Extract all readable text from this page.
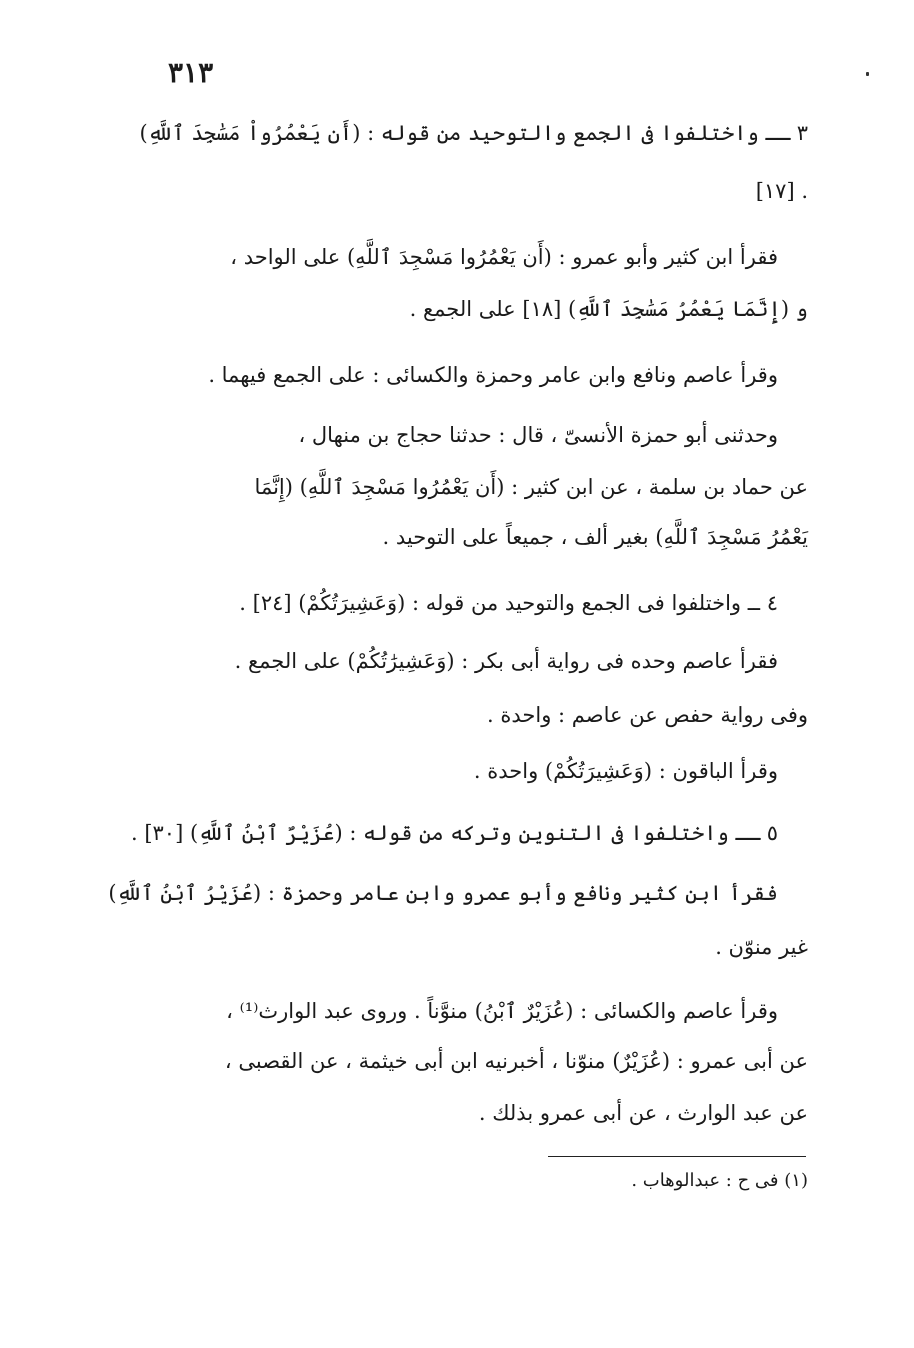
٣١٣
٣ ــ واختلفوا فى الجمع والتوحيد من قوله : (أَن يَعْمُرُواْ مَسَٰجِدَ ٱللَّهِ)
. [١٧]
فقرأ ابن كثير وأبو عمرو : (أَن يَعْمُرُوا مَسْجِدَ ٱللَّهِ) على الواحد ،
و (إِنَّمَا يَعْمُرُ مَسَٰجِدَ ٱللَّهِ) [١٨] على الجمع .
وقرأ عاصم ونافع وابن عامر وحمزة والكسائى : على الجمع فيهما .
وحدثنى أبو حمزة الأنسىّ ، قال : حدثنا حجاج بن منهال ،
عن حماد بن سلمة ، عن ابن كثير : (أَن يَعْمُرُوا مَسْجِدَ ٱللَّهِ) (إِنَّمَا
يَعْمُرُ مَسْجِدَ ٱللَّهِ) بغير ألف ، جميعاً على التوحيد .
٤ ــ واختلفوا فى الجمع والتوحيد من قوله : (وَعَشِيرَتُكُمْ) [٢٤] .
فقرأ عاصم وحده فى رواية أبى بكر : (وَعَشِيرَٰتُكُمْ) على الجمع .
وفى رواية حفص عن عاصم : واحدة .
وقرأ الباقون : (وَعَشِيرَتُكُمْ) واحدة .
٥ ــ واختلفوا فى التنوين وتركه من قوله : (عُزَيْرٌ ٱبْنُ ٱللَّهِ) [٣٠] .
فقرأ ابن كثير ونافع وأبو عمرو وابن عامر وحمزة : (عُزَيْرُ ٱبْنُ ٱللَّهِ)
غير منوّن .
وقرأ عاصم والكسائى : (عُزَيْرٌ ٱبْنُ) منوَّناً . وروى عبد الوارث⁽¹⁾ ،
عن أبى عمرو : (عُزَيْرٌ) منوّنا ، أخبرنيه ابن أبى خيثمة ، عن القصبى ،
عن عبد الوارث ، عن أبى عمرو بذلك .
(١) فى ح : عبدالوهاب .
